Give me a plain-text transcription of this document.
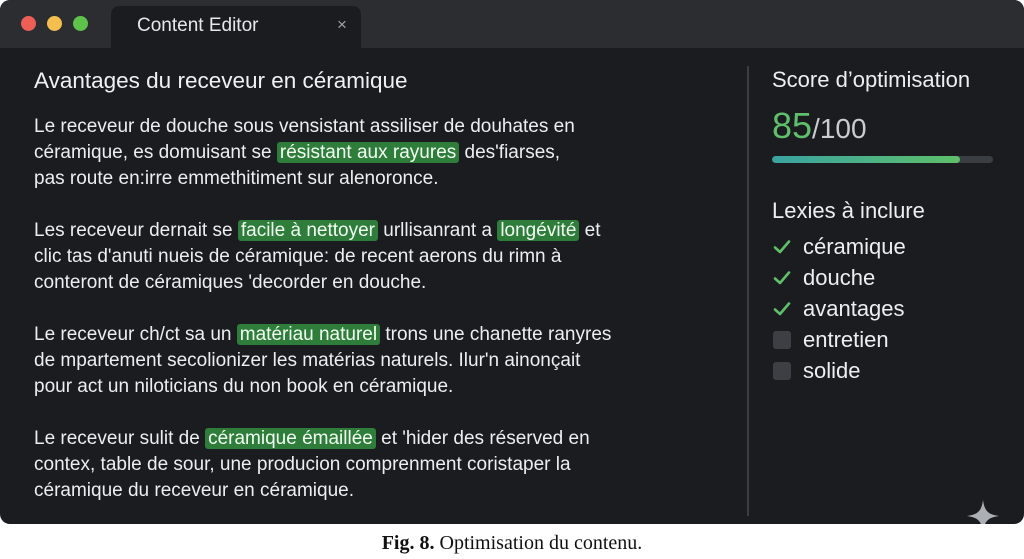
Content Editor	×
Avantages du receveur en céramique
Le receveur de douche sous vensistant assiliser de douhates en
céramique, es domuisant se résistant aux rayures des'fiarses,
pas route en:irre emmethitiment sur alenoronce.
Les receveur dernait se facile à nettoyer urllisanrant a longévité et
clic tas d'anuti nueis de céramique: de recent aerons du rimn à
conteront de céramiques 'decorder en douche.
Le receveur ch/ct sa un matériau naturel trons une chanette ranyres
de mpartement secolionizer les matérias naturels. Ilur'n ainonçait
pour act un niloticians du non book en céramique.
Le receveur sulit de céramique émaillée et 'hider des réserved en
contex, table de sour, une producion comprenment coristaper la
céramique du receveur en céramique.
Score d’optimisation
85/100
Lexies à inclure
céramique
douche
avantages
entretien
solide
Fig. 8. Optimisation du contenu.
